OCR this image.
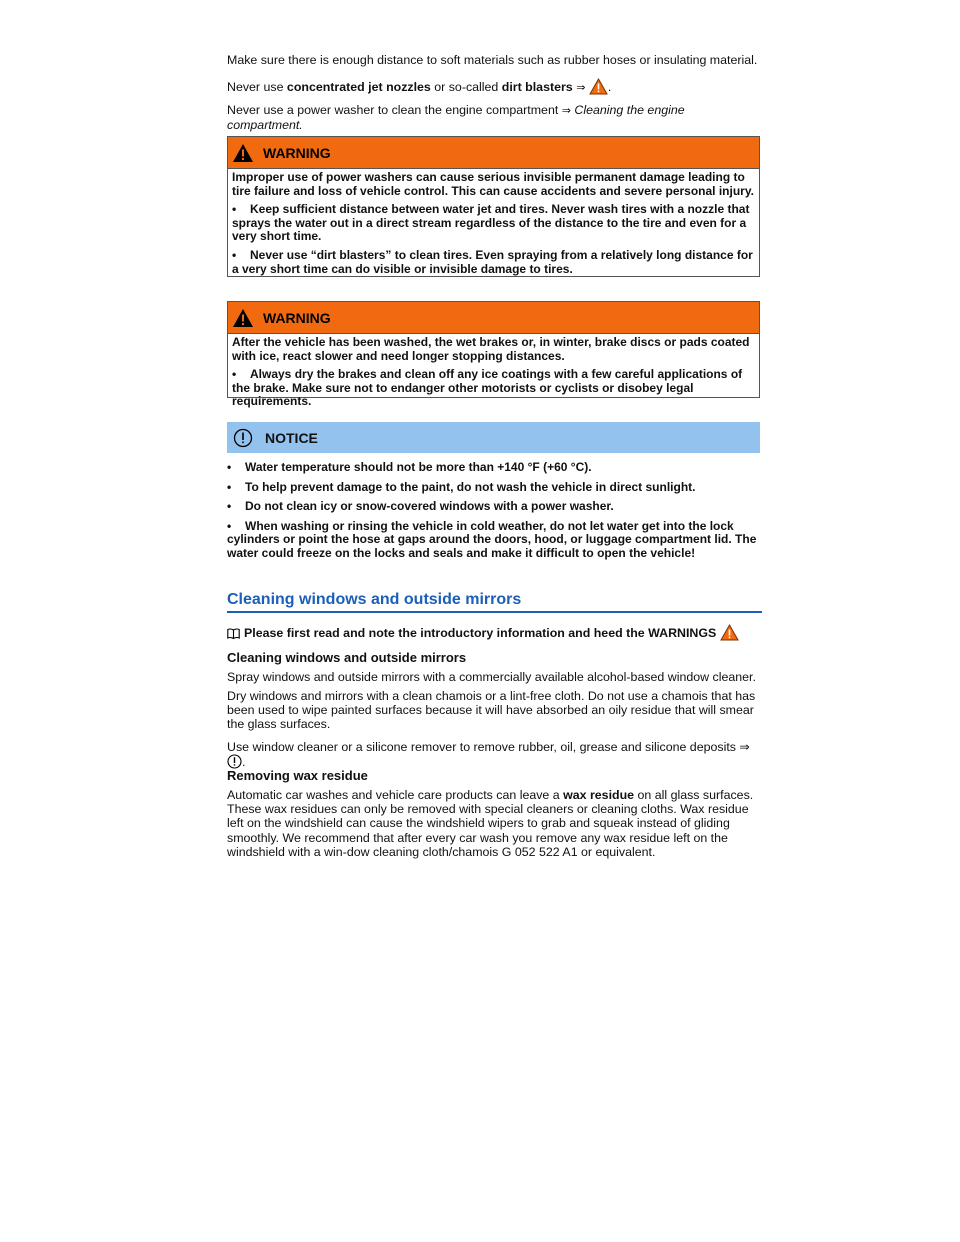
Make sure there is enough distance to soft materials such as rubber hoses or insulating material.

Never use concentrated jet nozzles or so-called dirt blasters ⇒ .

Never use a power washer to clean the engine compartment ⇒ Cleaning the engine compartment.

WARNING

Improper use of power washers can cause serious invisible permanent damage leading to tire failure and loss of vehicle control. This can cause accidents and severe personal injury.

• Keep sufficient distance between water jet and tires. Never wash tires with a nozzle that sprays the water out in a direct stream regardless of the distance to the tire and even for a very short time.

• Never use “dirt blasters” to clean tires. Even spraying from a relatively long distance for a very short time can do visible or invisible damage to tires.

WARNING

After the vehicle has been washed, the wet brakes or, in winter, brake discs or pads coated with ice, react slower and need longer stopping distances.

• Always dry the brakes and clean off any ice coatings with a few careful applications of the brake. Make sure not to endanger other motorists or cyclists or disobey legal requirements.

NOTICE

• Water temperature should not be more than +140 °F (+60 °C).

• To help prevent damage to the paint, do not wash the vehicle in direct sunlight.

• Do not clean icy or snow-covered windows with a power washer.

• When washing or rinsing the vehicle in cold weather, do not let water get into the lock cylinders or point the hose at gaps around the doors, hood, or luggage compartment lid. The water could freeze on the locks and seals and make it difficult to open the vehicle!

Cleaning windows and outside mirrors

Please first read and note the introductory information and heed the WARNINGS

Cleaning windows and outside mirrors

Spray windows and outside mirrors with a commercially available alcohol-based window cleaner.

Dry windows and mirrors with a clean chamois or a lint-free cloth. Do not use a chamois that has been used to wipe painted surfaces because it will have absorbed an oily residue that will smear the glass surfaces.

Use window cleaner or a silicone remover to remove rubber, oil, grease and silicone deposits ⇒ .

Removing wax residue

Automatic car washes and vehicle care products can leave a wax residue on all glass surfaces. These wax residues can only be removed with special cleaners or cleaning cloths. Wax residue left on the windshield can cause the windshield wipers to grab and squeak instead of gliding smoothly. We recommend that after every car wash you remove any wax residue left on the windshield with a win-dow cleaning cloth/chamois G 052 522 A1 or equivalent.
